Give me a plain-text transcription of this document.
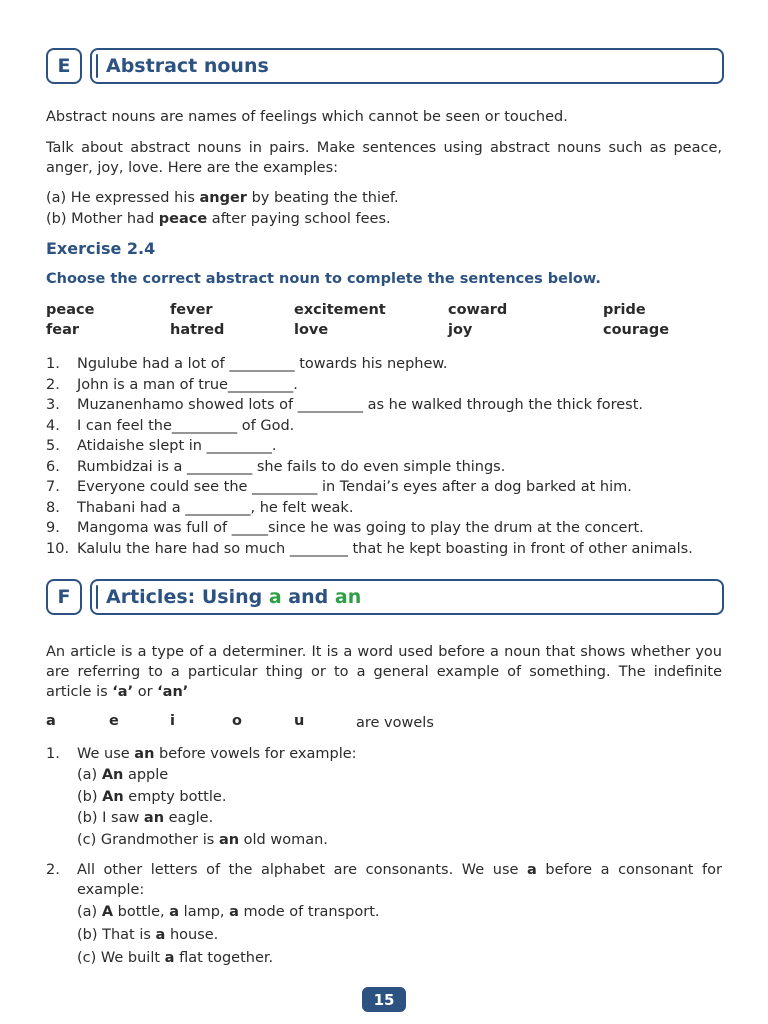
E	Abstract nouns
Abstract nouns are names of feelings which cannot be seen or touched.
Talk about abstract nouns in pairs. Make sentences using abstract nouns such as peace, anger, joy, love. Here are the examples:
(a) He expressed his anger by beating the thief.
(b) Mother had peace after paying school fees.
Exercise 2.4
Choose the correct abstract noun to complete the sentences below.
peace	fever	excitement	coward	pride
fear	hatred	love	joy	courage
1. Ngulube had a lot of _________ towards his nephew.
2. John is a man of true_________.
3. Muzanenhamo showed lots of _________ as he walked through the thick forest.
4. I can feel the_________ of God.
5. Atidaishe slept in _________.
6. Rumbidzai is a _________ she fails to do even simple things.
7. Everyone could see the _________ in Tendai’s eyes after a dog barked at him.
8. Thabani had a _________, he felt weak.
9. Mangoma was full of _____since he was going to play the drum at the concert.
10. Kalulu the hare had so much ________ that he kept boasting in front of other animals.
F	Articles: Using a and an
An article is a type of a determiner. It is a word used before a noun that shows whether you are referring to a particular thing or to a general example of something. The indefinite article is ‘a’ or ‘an’
a	e	i	o	u	are vowels
1. We use an before vowels for example:
(a) An apple
(b) An empty bottle.
(b) I saw an eagle.
(c) Grandmother is an old woman.
2. All other letters of the alphabet are consonants. We use a before a consonant for example:
(a) A bottle, a lamp, a mode of transport.
(b) That is a house.
(c) We built a flat together.
15
